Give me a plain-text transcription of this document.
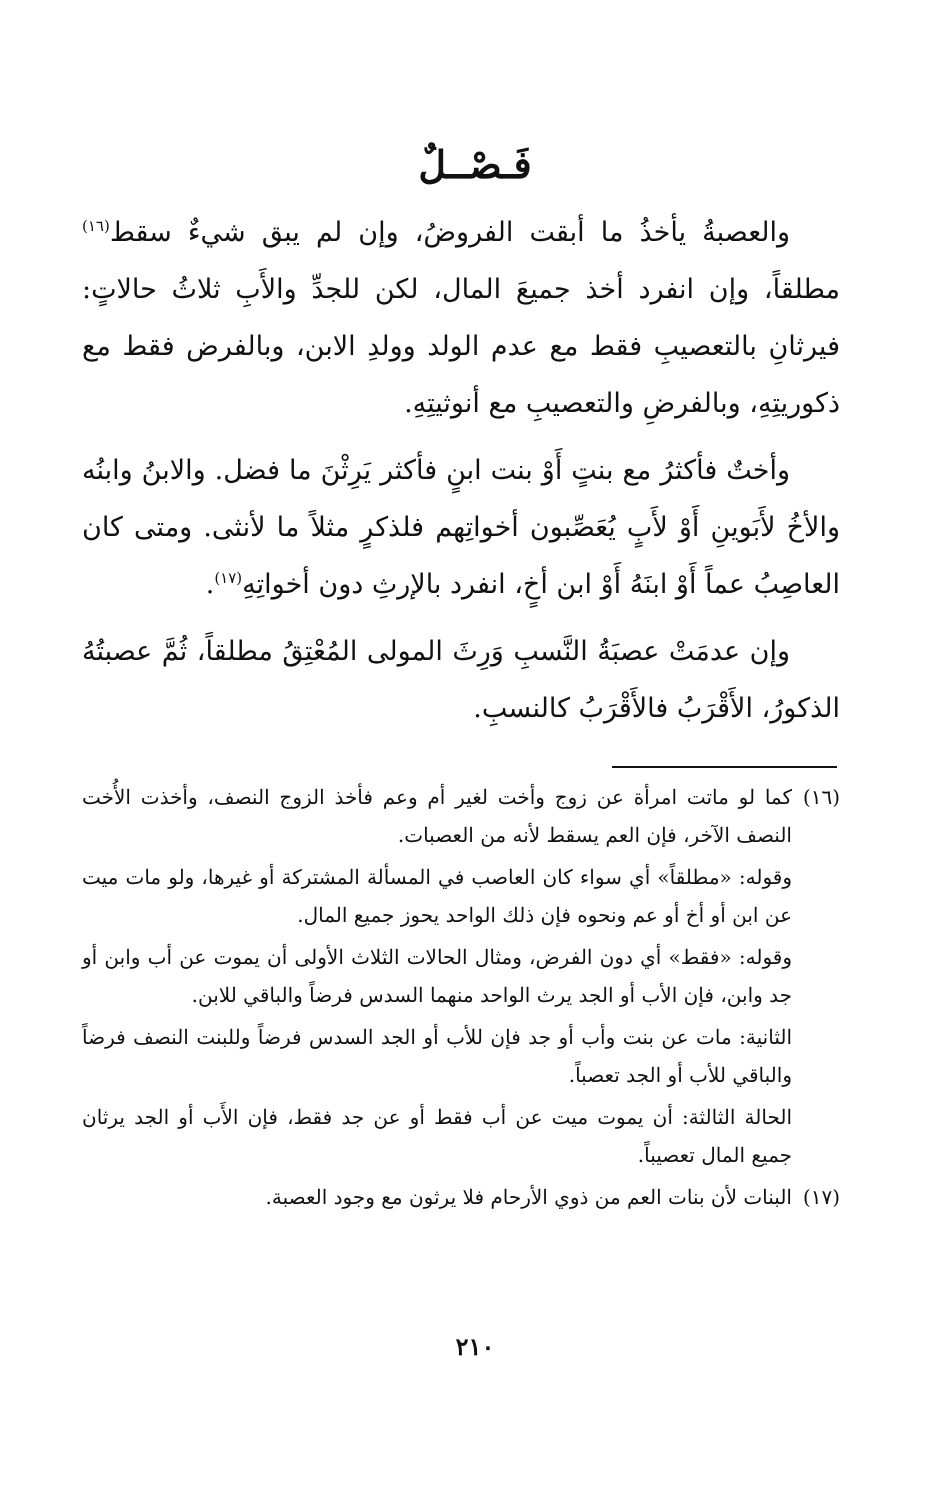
فَـصْــلٌ

والعصبةُ يأخذُ ما أبقت الفروضُ، وإن لم يبق شيءٌ سقط$^{(١٦)}$ مطلقاً، وإن انفرد أخذ جميعَ المال، لكن للجدِّ والأَبِ ثلاثُ حالاتٍ: فيرثانِ بالتعصيبِ فقط مع عدم الولد وولدِ الابن، وبالفرض فقط مع ذكوريتِهِ، وبالفرضِ والتعصيبِ مع أنوثيتِهِ.

وأختٌ فأكثرُ مع بنتٍ أَوْ بنت ابنٍ فأكثر يَرِثْنَ ما فضل. والابنُ وابنُه والأخُ لأَبَوينِ أَوْ لأَبٍ يُعَصِّبون أخواتِهم فلذكرٍ مثلاً ما لأنثى. ومتى كان العاصِبُ عماً أَوْ ابنَهُ أَوْ ابن أخٍ، انفرد بالإرثِ دون أخواتِهِ$^{(١٧)}$.

وإن عدمَتْ عصبَةُ النَّسبِ وَرِثَ المولى المُعْتِقُ مطلقاً، ثُمَّ عصبتُهُ الذكورُ، الأَقْرَبُ فالأَقْرَبُ كالنسبِ.

(١٦)كما لو ماتت امرأة عن زوج وأخت لغير أم وعم فأخذ الزوج النصف، وأخذت الأُخت النصف الآخر، فإن العم يسقط لأنه من العصبات.
وقوله: «مطلقاً» أي سواء كان العاصب في المسألة المشتركة أو غيرها، ولو مات ميت عن ابن أو أخ أو عم ونحوه فإن ذلك الواحد يحوز جميع المال.
وقوله: «فقط» أي دون الفرض، ومثال الحالات الثلاث الأولى أن يموت عن أب وابن أو جد وابن، فإن الأب أو الجد يرث الواحد منهما السدس فرضاً والباقي للابن.
الثانية: مات عن بنت وأب أو جد فإن للأب أو الجد السدس فرضاً وللبنت النصف فرضاً والباقي للأب أو الجد تعصباً.
الحالة الثالثة: أن يموت ميت عن أب فقط أو عن جد فقط، فإن الأَب أو الجد يرثان جميع المال تعصيباً.
(١٧)البنات لأن بنات العم من ذوي الأرحام فلا يرثون مع وجود العصبة.
٢١٠
